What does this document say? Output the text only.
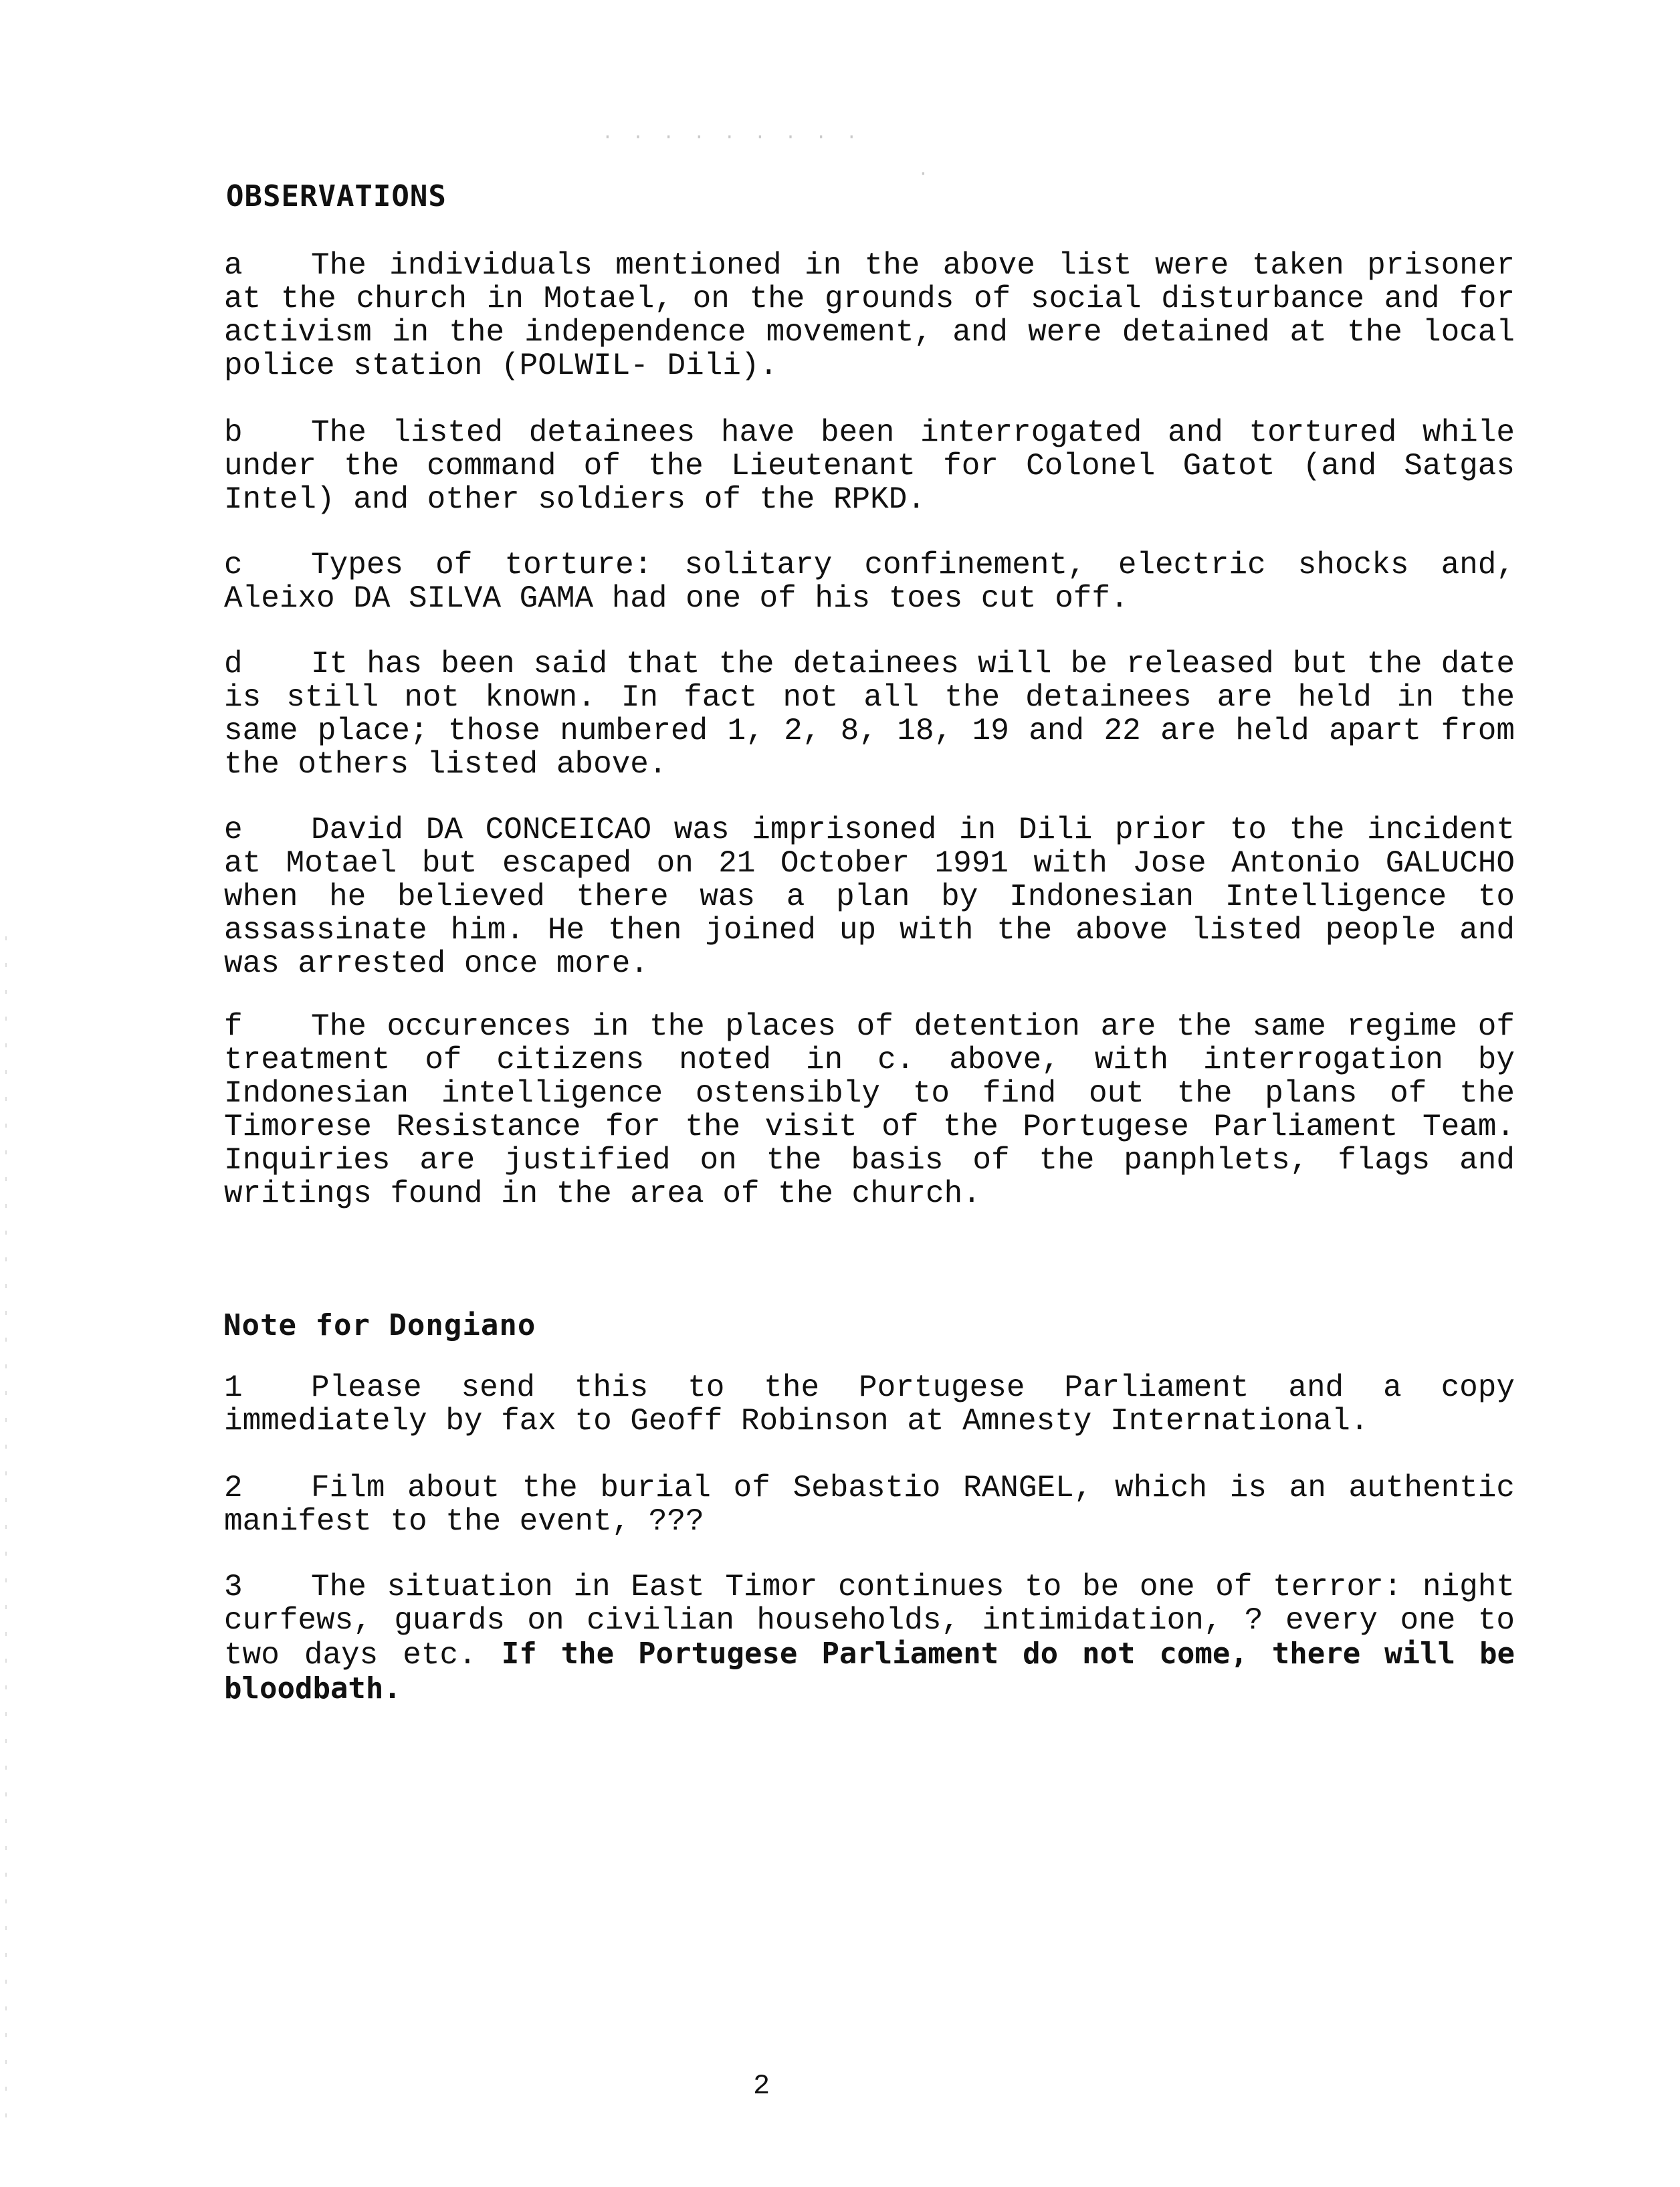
· · · · · · · · ·
·
OBSERVATIONS

a The individuals mentioned in the above list were taken prisoner at the church in Motael, on the grounds of social disturbance and for activism in the independence movement, and were detained at the local police station (POLWIL- Dili).

b The listed detainees have been interrogated and tortured while under the command of the Lieutenant for Colonel Gatot (and Satgas Intel) and other soldiers of the RPKD.

c Types of torture: solitary confinement, electric shocks and, Aleixo DA SILVA GAMA had one of his toes cut off.

d It has been said that the detainees will be released but the date is still not known. In fact not all the detainees are held in the same place; those numbered 1, 2, 8, 18, 19 and 22 are held apart from the others listed above.

e David DA CONCEICAO was imprisoned in Dili prior to the incident at Motael but escaped on 21 October 1991 with Jose Antonio GALUCHO when he believed there was a plan by Indonesian Intelligence to assassinate him. He then joined up with the above listed people and was arrested once more.

f The occurences in the places of detention are the same regime of treatment of citizens noted in c. above, with interrogation by Indonesian intelligence ostensibly to find out the plans of the Timorese Resistance for the visit of the Portugese Parliament Team. Inquiries are justified on the basis of the panphlets, flags and writings found in the area of the church.

Note for Dongiano

1 Please send this to the Portugese Parliament and a copy immediately by fax to Geoff Robinson at Amnesty International.

2 Film about the burial of Sebastio RANGEL, which is an authentic manifest to the event, ???

3 The situation in East Timor continues to be one of terror: night curfews, guards on civilian households, intimidation, ? every one to two days etc. If the Portugese Parliament do not come, there will be bloodbath.

2
